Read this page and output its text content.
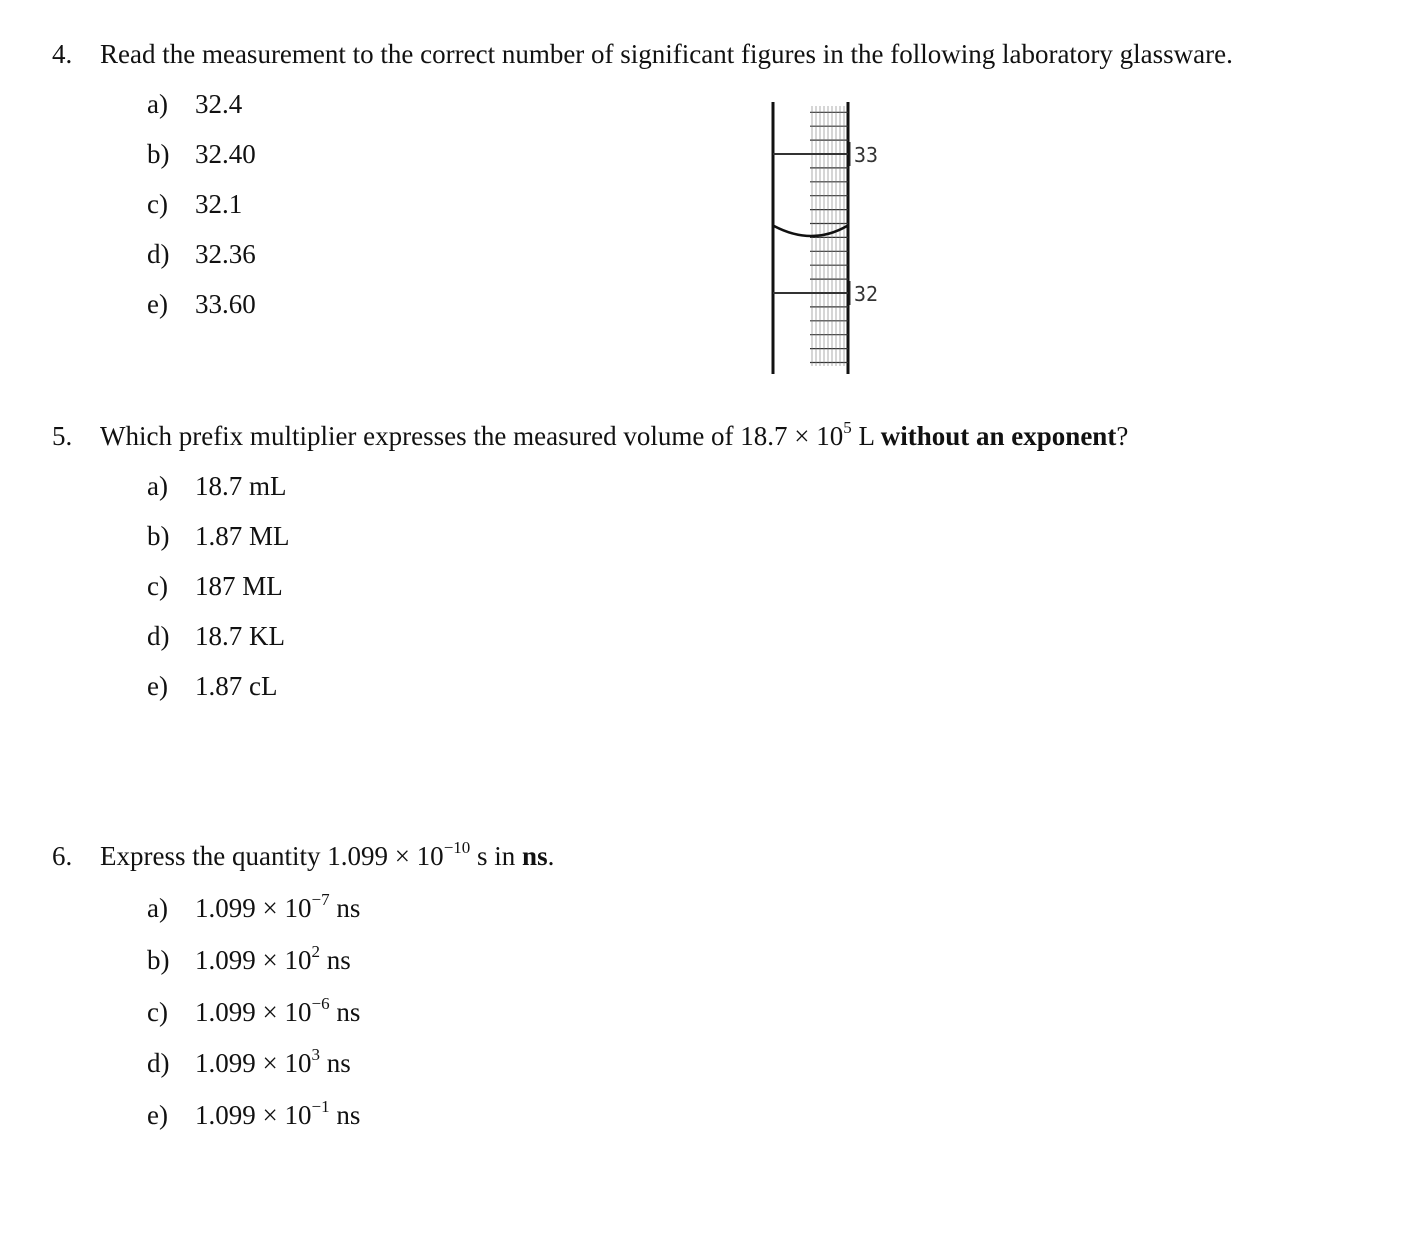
4. Read the measurement to the correct number of significant figures in the following laboratory glassware.
a) 32.4
b) 32.40
c) 32.1
d) 32.36
e) 33.60
33
32
5. Which prefix multiplier expresses the measured volume of $18.7 \times 10^5$ L without an exponent?
a) 18.7 mL
b) 1.87 ML
c) 187 ML
d) 18.7 KL
e) 1.87 cL
6. Express the quantity $1.099 \times 10^{-10}$ s in ns.
a) $1.099 \times 10^{-7}$ ns
b) $1.099 \times 10^2$ ns
c) $1.099 \times 10^{-6}$ ns
d) $1.099 \times 10^3$ ns
e) $1.099 \times 10^{-1}$ ns
